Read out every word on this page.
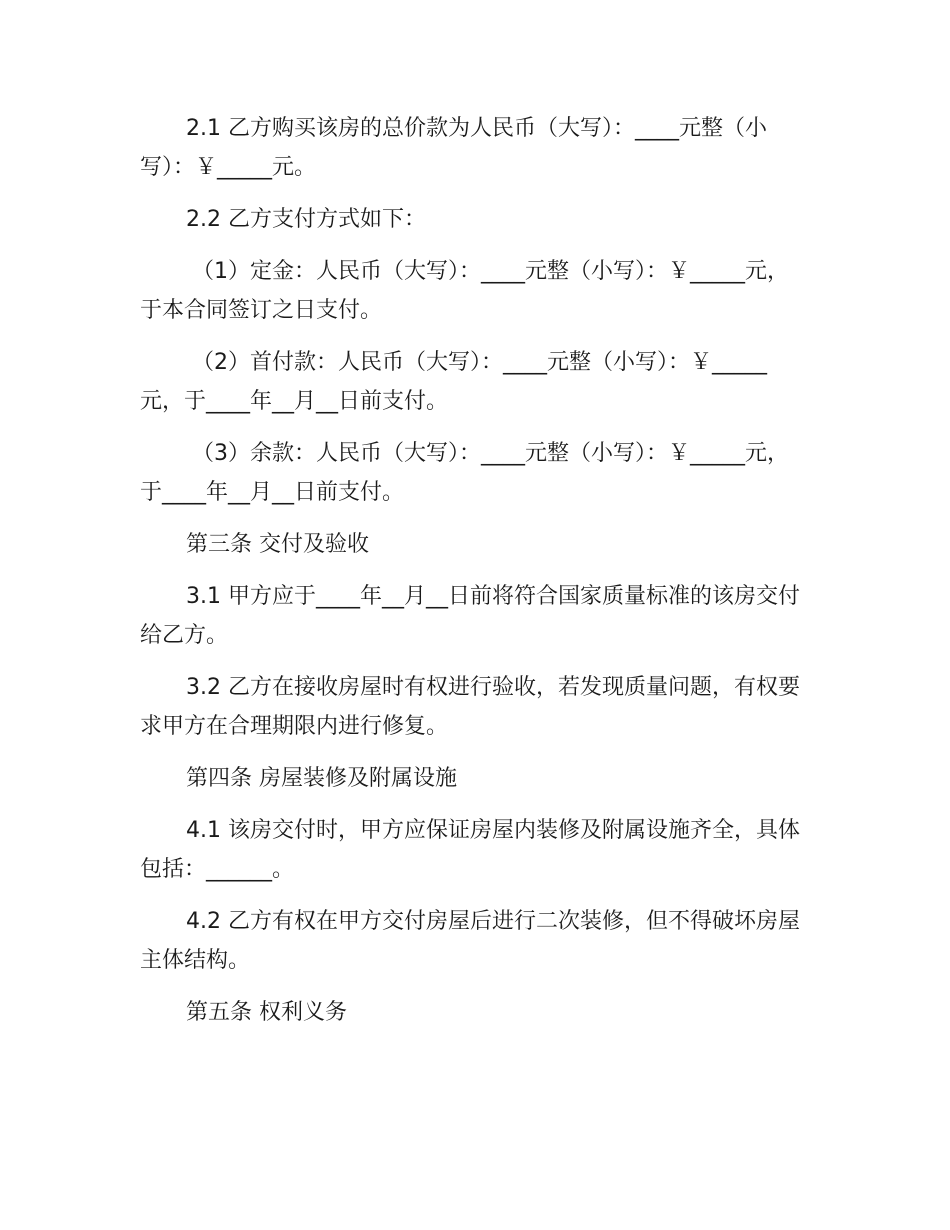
2.1 乙方购买该房的总价款为人民币（大写）：____元整（小写）：￥_____元。

2.2 乙方支付方式如下：

（1）定金：人民币（大写）：____元整（小写）：￥_____元，于本合同签订之日支付。

（2）首付款：人民币（大写）：____元整（小写）：￥_____元，于____年__月__日前支付。

（3）余款：人民币（大写）：____元整（小写）：￥_____元，于____年__月__日前支付。

第三条 交付及验收

3.1 甲方应于____年__月__日前将符合国家质量标准的该房交付给乙方。

3.2 乙方在接收房屋时有权进行验收，若发现质量问题，有权要求甲方在合理期限内进行修复。

第四条 房屋装修及附属设施

4.1 该房交付时，甲方应保证房屋内装修及附属设施齐全，具体包括：______。

4.2 乙方有权在甲方交付房屋后进行二次装修，但不得破坏房屋主体结构。

第五条 权利义务
